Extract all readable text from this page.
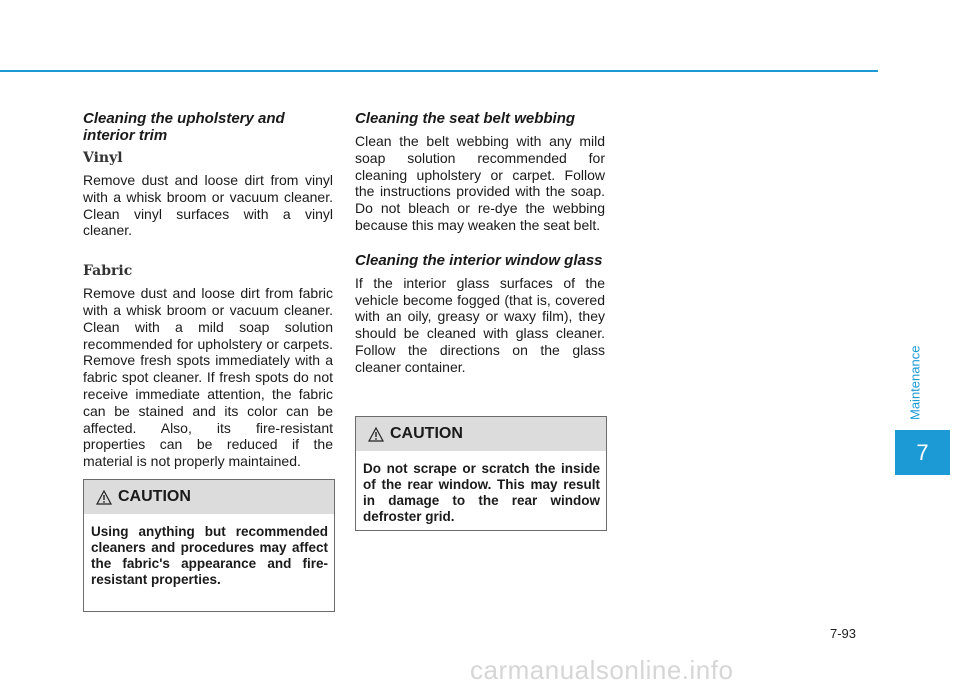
Maintenance
7
Cleaning the upholstery and interior trim
Vinyl

Remove dust and loose dirt from vinyl with a whisk broom or vacuum cleaner. Clean vinyl surfaces with a vinyl cleaner.

Fabric

Remove dust and loose dirt from fabric with a whisk broom or vacuum cleaner. Clean with a mild soap solution recommended for upholstery or carpets. Remove fresh spots immediately with a fabric spot cleaner. If fresh spots do not receive immediate attention, the fabric can be stained and its color can be affected. Also, its fire-resistant properties can be reduced if the material is not properly maintained.

CAUTION
Using anything but recommended cleaners and procedures may affect the fabric's appearance and fire-resistant properties.
Cleaning the seat belt webbing

Clean the belt webbing with any mild soap solution recommended for cleaning upholstery or carpet. Follow the instructions provided with the soap. Do not bleach or re-dye the webbing because this may weaken the seat belt.

Cleaning the interior window glass

If the interior glass surfaces of the vehicle become fogged (that is, covered with an oily, greasy or waxy film), they should be cleaned with glass cleaner. Follow the directions on the glass cleaner container.

CAUTION
Do not scrape or scratch the inside of the rear window. This may result in damage to the rear window defroster grid.
7-93
carmanualsonline.info
